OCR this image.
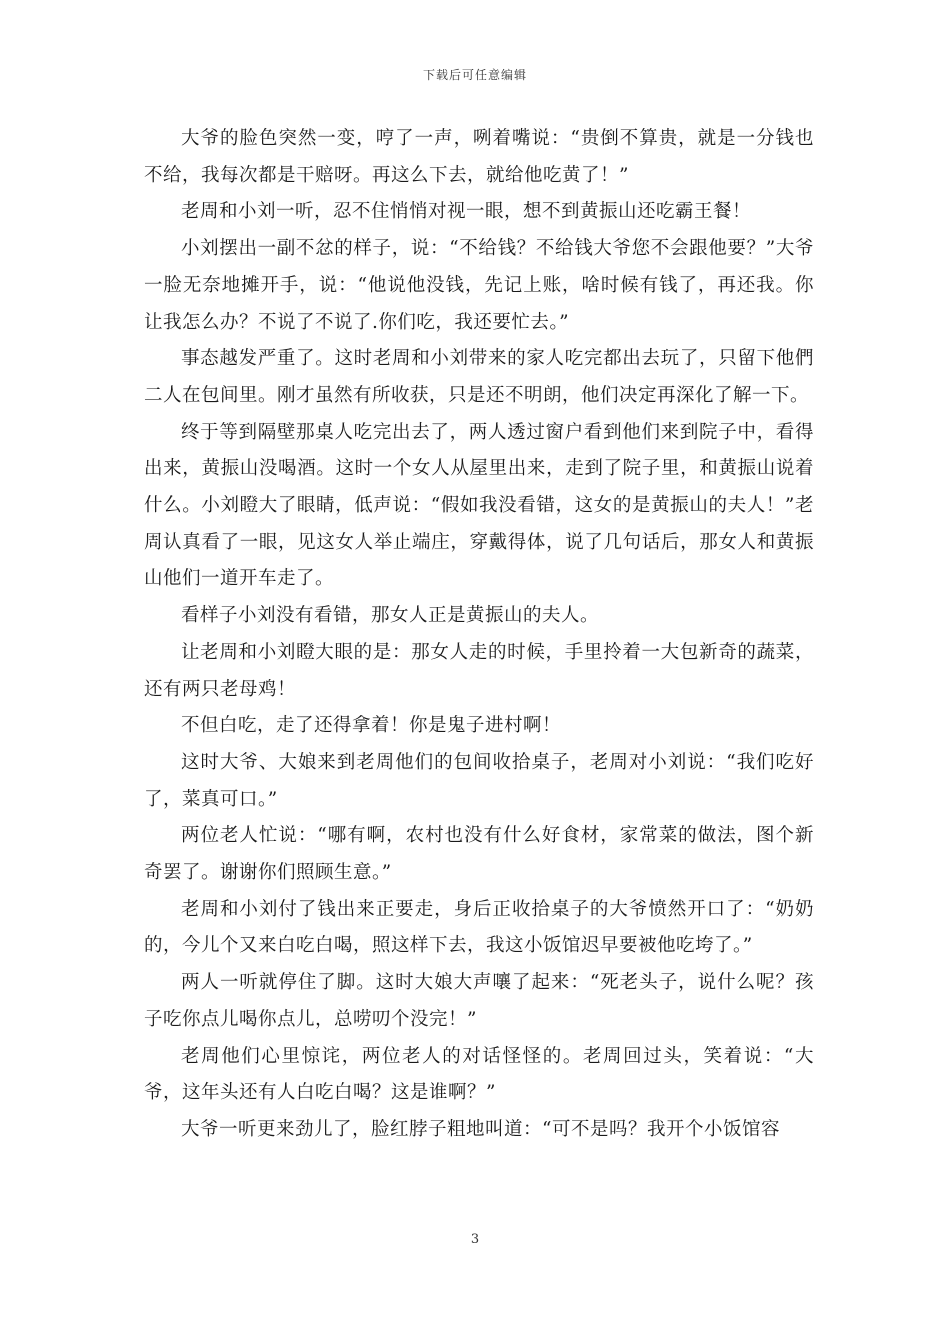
下载后可任意编辑

大爷的脸色突然一变，哼了一声，咧着嘴说：“贵倒不算贵，就是一分钱也不给，我每次都是干赔呀。再这么下去，就给他吃黄了！”

老周和小刘一听，忍不住悄悄对视一眼，想不到黄振山还吃霸王餐！

小刘摆出一副不忿的样子，说：“不给钱？不给钱大爷您不会跟他要？”大爷一脸无奈地摊开手，说：“他说他没钱，先记上账，啥时候有钱了，再还我。你让我怎么办？不说了不说了.你们吃，我还要忙去。”

事态越发严重了。这时老周和小刘带来的家人吃完都出去玩了，只留下他們二人在包间里。刚才虽然有所收获，只是还不明朗，他们决定再深化了解一下。

终于等到隔壁那桌人吃完出去了，两人透过窗户看到他们来到院子中，看得出来，黄振山没喝酒。这时一个女人从屋里出来，走到了院子里，和黄振山说着什么。小刘瞪大了眼睛，低声说：“假如我没看错，这女的是黄振山的夫人！”老周认真看了一眼，见这女人举止端庄，穿戴得体，说了几句话后，那女人和黄振山他们一道开车走了。

看样子小刘没有看错，那女人正是黄振山的夫人。

让老周和小刘瞪大眼的是：那女人走的时候，手里拎着一大包新奇的蔬菜，还有两只老母鸡！

不但白吃，走了还得拿着！你是鬼子进村啊！

这时大爷、大娘来到老周他们的包间收拾桌子，老周对小刘说：“我们吃好了，菜真可口。”

两位老人忙说：“哪有啊，农村也没有什么好食材，家常菜的做法，图个新奇罢了。谢谢你们照顾生意。”

老周和小刘付了钱出来正要走，身后正收拾桌子的大爷愤然开口了：“奶奶的，今儿个又来白吃白喝，照这样下去，我这小饭馆迟早要被他吃垮了。”

两人一听就停住了脚。这时大娘大声嚷了起来：“死老头子，说什么呢？孩子吃你点儿喝你点儿，总唠叨个没完！”

老周他们心里惊诧，两位老人的对话怪怪的。老周回过头，笑着说：“大爷，这年头还有人白吃白喝？这是谁啊？”

大爷一听更来劲儿了，脸红脖子粗地叫道：“可不是吗？我开个小饭馆容

3
